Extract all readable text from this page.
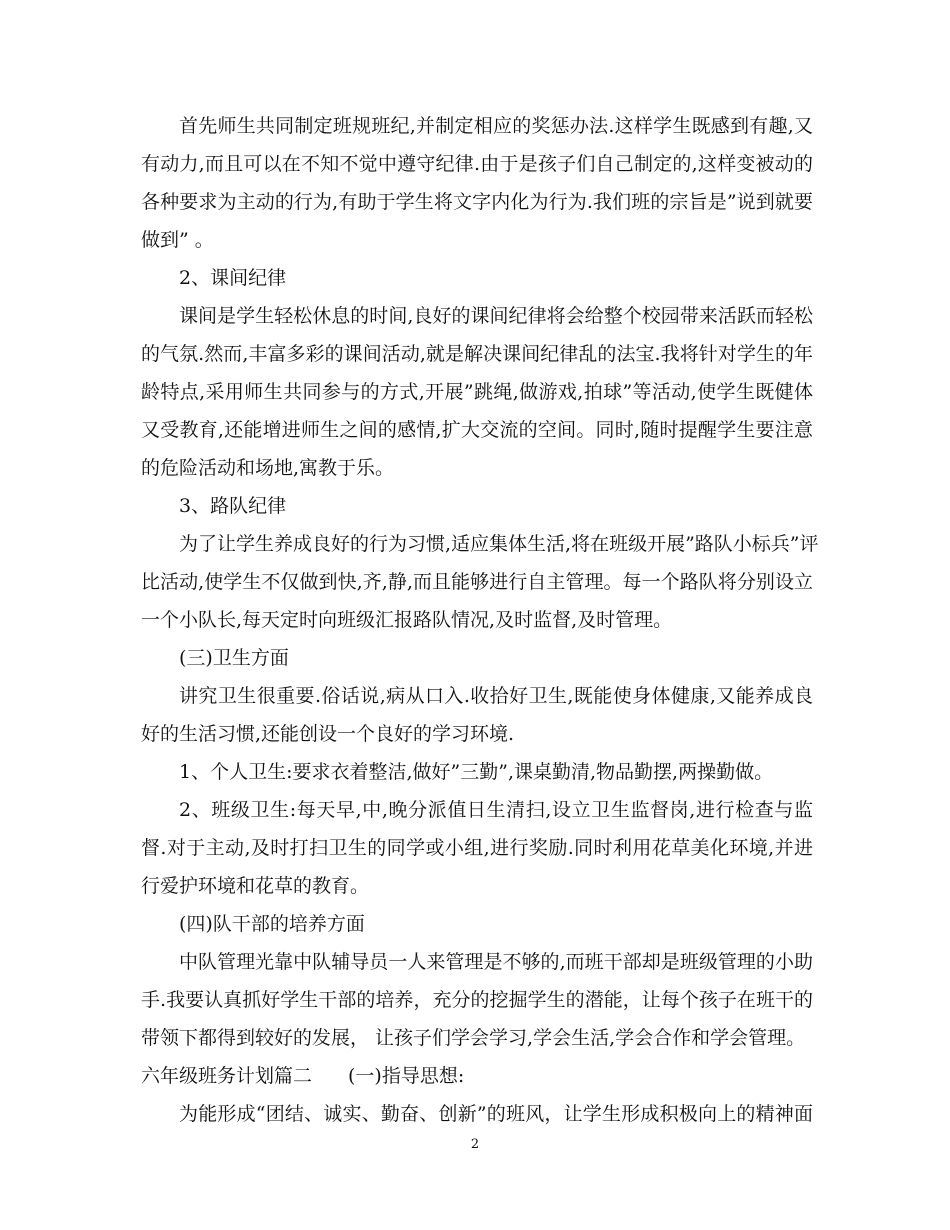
首先师生共同制定班规班纪,并制定相应的奖惩办法.这样学生既感到有趣,又
有动力,而且可以在不知不觉中遵守纪律.由于是孩子们自己制定的,这样变被动的
各种要求为主动的行为,有助于学生将文字内化为行为.我们班的宗旨是”说到就要
做到” 。
2、课间纪律
课间是学生轻松休息的时间,良好的课间纪律将会给整个校园带来活跃而轻松
的气氛.然而,丰富多彩的课间活动,就是解决课间纪律乱的法宝.我将针对学生的年
龄特点,采用师生共同参与的方式,开展”跳绳,做游戏,拍球”等活动,使学生既健体
又受教育,还能增进师生之间的感情,扩大交流的空间。同时,随时提醒学生要注意
的危险活动和场地,寓教于乐。
3、路队纪律
为了让学生养成良好的行为习惯,适应集体生活,将在班级开展”路队小标兵”评
比活动,使学生不仅做到快,齐,静,而且能够进行自主管理。每一个路队将分别设立
一个小队长,每天定时向班级汇报路队情况,及时监督,及时管理。
(三)卫生方面
讲究卫生很重要.俗话说,病从口入.收拾好卫生,既能使身体健康,又能养成良
好的生活习惯,还能创设一个良好的学习环境.
1、个人卫生:要求衣着整洁,做好”三勤”,课桌勤清,物品勤摆,两操勤做。
2、班级卫生:每天早,中,晚分派值日生清扫,设立卫生监督岗,进行检查与监
督.对于主动,及时打扫卫生的同学或小组,进行奖励.同时利用花草美化环境,并进
行爱护环境和花草的教育。
(四)队干部的培养方面
中队管理光靠中队辅导员一人来管理是不够的,而班干部却是班级管理的小助
手.我要认真抓好学生干部的培养，充分的挖掘学生的潜能，让每个孩子在班干的
带领下都得到较好的发展， 让孩子们学会学习,学会生活,学会合作和学会管理。
六年级班务计划篇二 (一)指导思想:
为能形成“团结、诚实、勤奋、创新”的班风，让学生形成积极向上的精神面
2
